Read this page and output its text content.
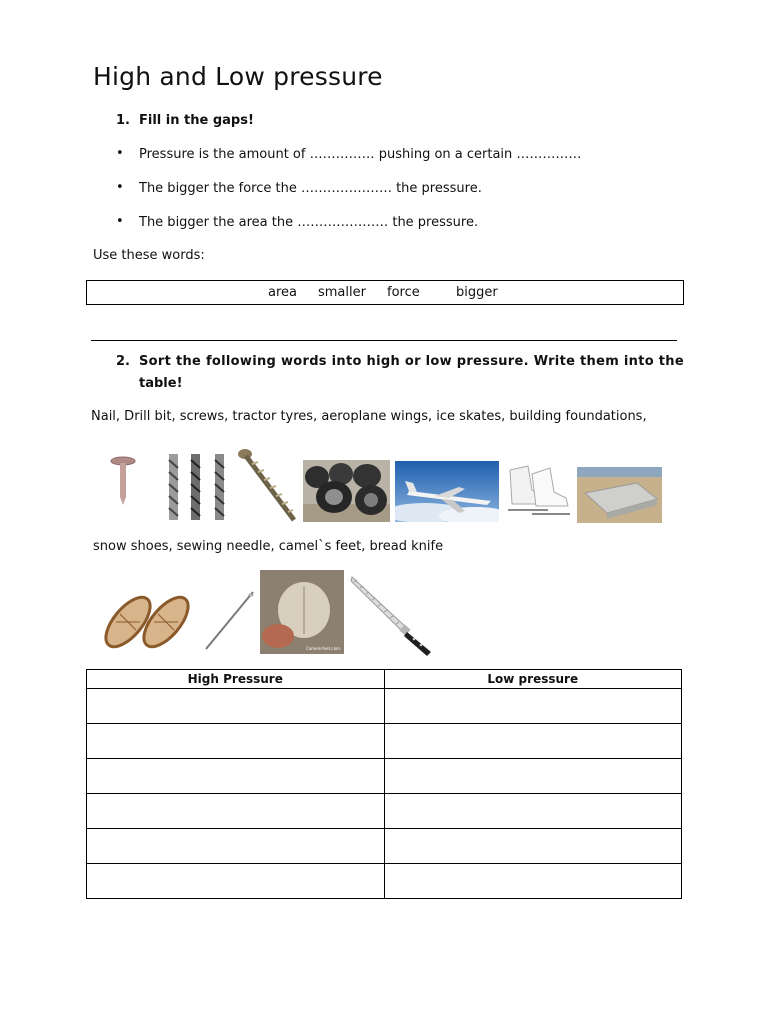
High and Low pressure
1. Fill in the gaps!
• Pressure is the amount of …………… pushing on a certain ……………
• The bigger the force the ………………… the pressure.
• The bigger the area the ………………… the pressure.
Use these words:
area smaller force	bigger
2. Sort the following words into high or low pressure. Write them into the
table!
Nail, Drill bit, screws, tractor tyres, aeroplane wings, ice skates, building foundations,
snow shoes, sewing needle, camel`s feet, bread knife
Camels-feet.com
High Pressure	Low pressure
